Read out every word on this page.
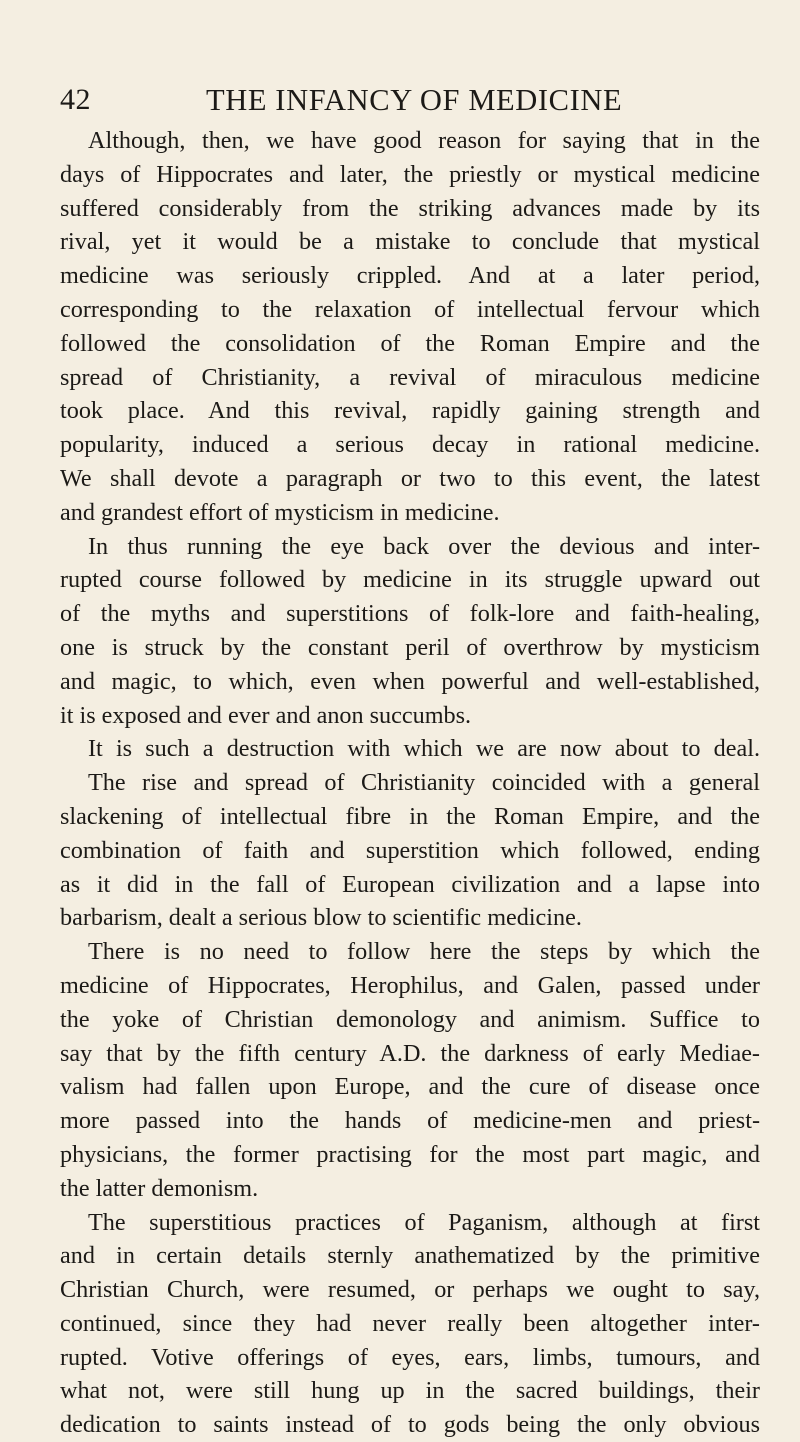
42	THE INFANCY OF MEDICINE
Although, then, we have good reason for saying that in the
days of Hippocrates and later, the priestly or mystical medicine
suffered considerably from the striking advances made by its
rival, yet it would be a mistake to conclude that mystical
medicine was seriously crippled. And at a later period,
corresponding to the relaxation of intellectual fervour which
followed the consolidation of the Roman Empire and the
spread of Christianity, a revival of miraculous medicine
took place. And this revival, rapidly gaining strength and
popularity, induced a serious decay in rational medicine.
We shall devote a paragraph or two to this event, the latest
and grandest effort of mysticism in medicine.
In thus running the eye back over the devious and inter-
rupted course followed by medicine in its struggle upward out
of the myths and superstitions of folk-lore and faith-healing,
one is struck by the constant peril of overthrow by mysticism
and magic, to which, even when powerful and well-established,
it is exposed and ever and anon succumbs.
It is such a destruction with which we are now about to deal.
The rise and spread of Christianity coincided with a general
slackening of intellectual fibre in the Roman Empire, and the
combination of faith and superstition which followed, ending
as it did in the fall of European civilization and a lapse into
barbarism, dealt a serious blow to scientific medicine.
There is no need to follow here the steps by which the
medicine of Hippocrates, Herophilus, and Galen, passed under
the yoke of Christian demonology and animism. Suffice to
say that by the fifth century A.D. the darkness of early Mediae-
valism had fallen upon Europe, and the cure of disease once
more passed into the hands of medicine-men and priest-
physicians, the former practising for the most part magic, and
the latter demonism.
The superstitious practices of Paganism, although at first
and in certain details sternly anathematized by the primitive
Christian Church, were resumed, or perhaps we ought to say,
continued, since they had never really been altogether inter-
rupted. Votive offerings of eyes, ears, limbs, tumours, and
what not, were still hung up in the sacred buildings, their
dedication to saints instead of to gods being the only obvious
